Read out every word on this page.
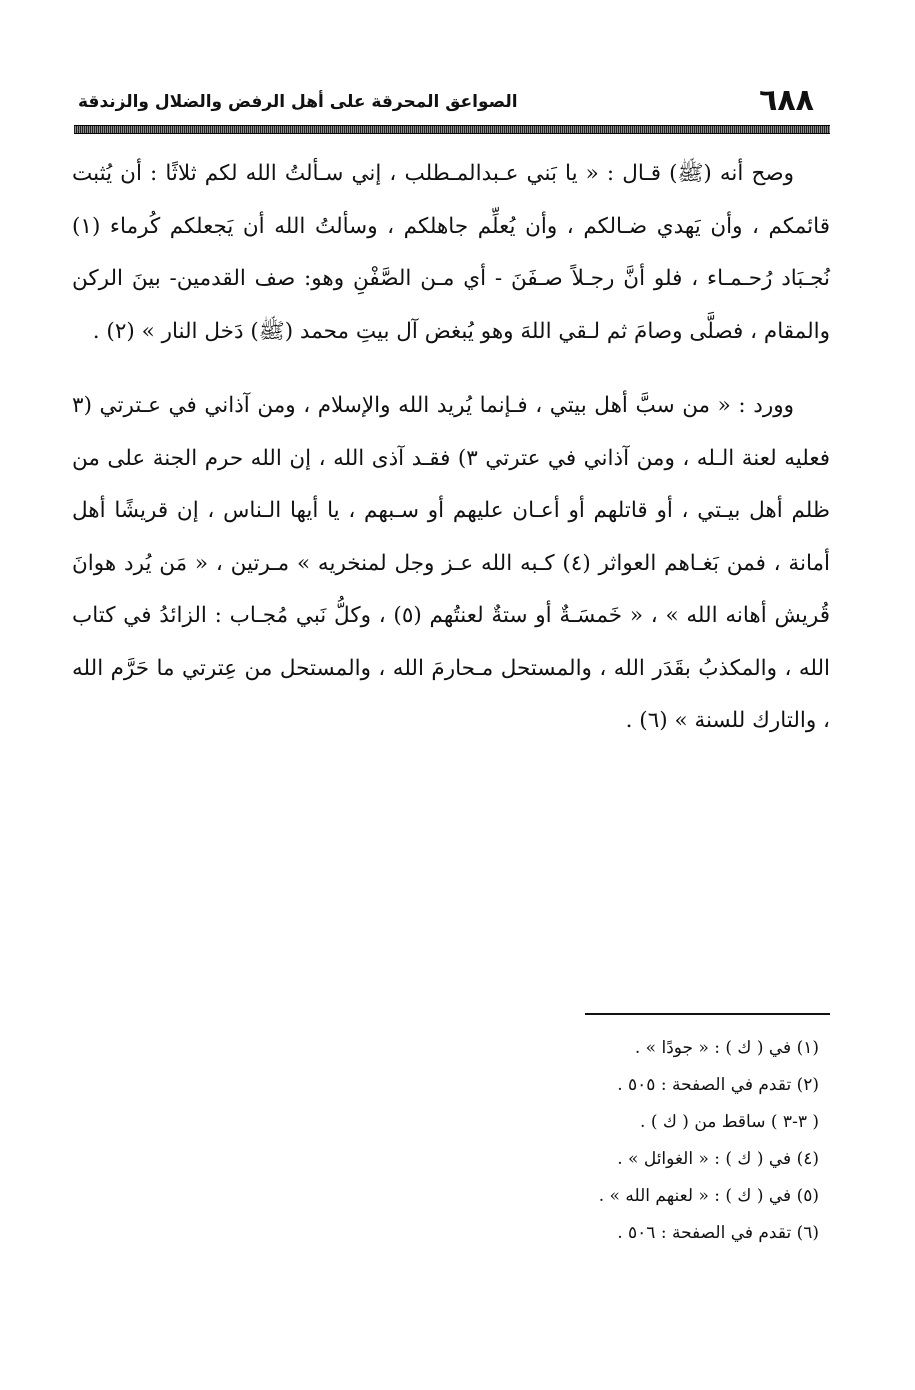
٦٨٨
الصواعق المحرقة على أهل الرفض والضلال والزندقة

وصح أنه (ﷺ) قـال : « يا بَني عـبدالمـطلب ، إني سـألتُ الله لكم ثلاثًا : أن يُثبت قائمكم ، وأن يَهدي ضـالكم ، وأن يُعلِّم جاهلكم ، وسألتُ الله أن يَجعلكم كُرماء (١) نُجـبَاد رُحـمـاء ، فلو أنَّ رجـلاً صـفَنَ - أي مـن الصَّفْنِ وهو: صف القدمين- بينَ الركن والمقام ، فصلَّى وصامَ ثم لـقي اللهَ وهو يُبغض آل بيتِ محمد (ﷺ) دَخل النار » (٢) .

وورد : « من سبَّ أهل بيتي ، فـإنما يُريد الله والإسلام ، ومن آذاني في عـترتي (٣ فعليه لعنة الـله ، ومن آذاني في عترتي ٣) فقـد آذى الله ، إن الله حرم الجنة على من ظلم أهل بيـتي ، أو قاتلهم أو أعـان عليهم أو سـبهم ، يا أيها الـناس ، إن قريشًا أهل أمانة ، فمن بَغـاهم العواثر (٤) كـبه الله عـز وجل لمنخريه » مـرتين ، « مَن يُرد هوانَ قُريش أهانه الله » ، « خَمسَـةٌ أو ستةٌ لعنتُهم (٥) ، وكلُّ نَبي مُجـاب : الزائدُ في كتاب الله ، والمكذبُ بقَدَر الله ، والمستحل مـحارمَ الله ، والمستحل من عِترتي ما حَرَّم الله ، والتارك للسنة » (٦) .

(١) في ( ك ) : « جودًا » .
(٢) تقدم في الصفحة : ٥٠٥ .
( ٣-٣ ) ساقط من ( ك ) .
(٤) في ( ك ) : « الغوائل » .
(٥) في ( ك ) : « لعنهم الله » .
(٦) تقدم في الصفحة : ٥٠٦ .
